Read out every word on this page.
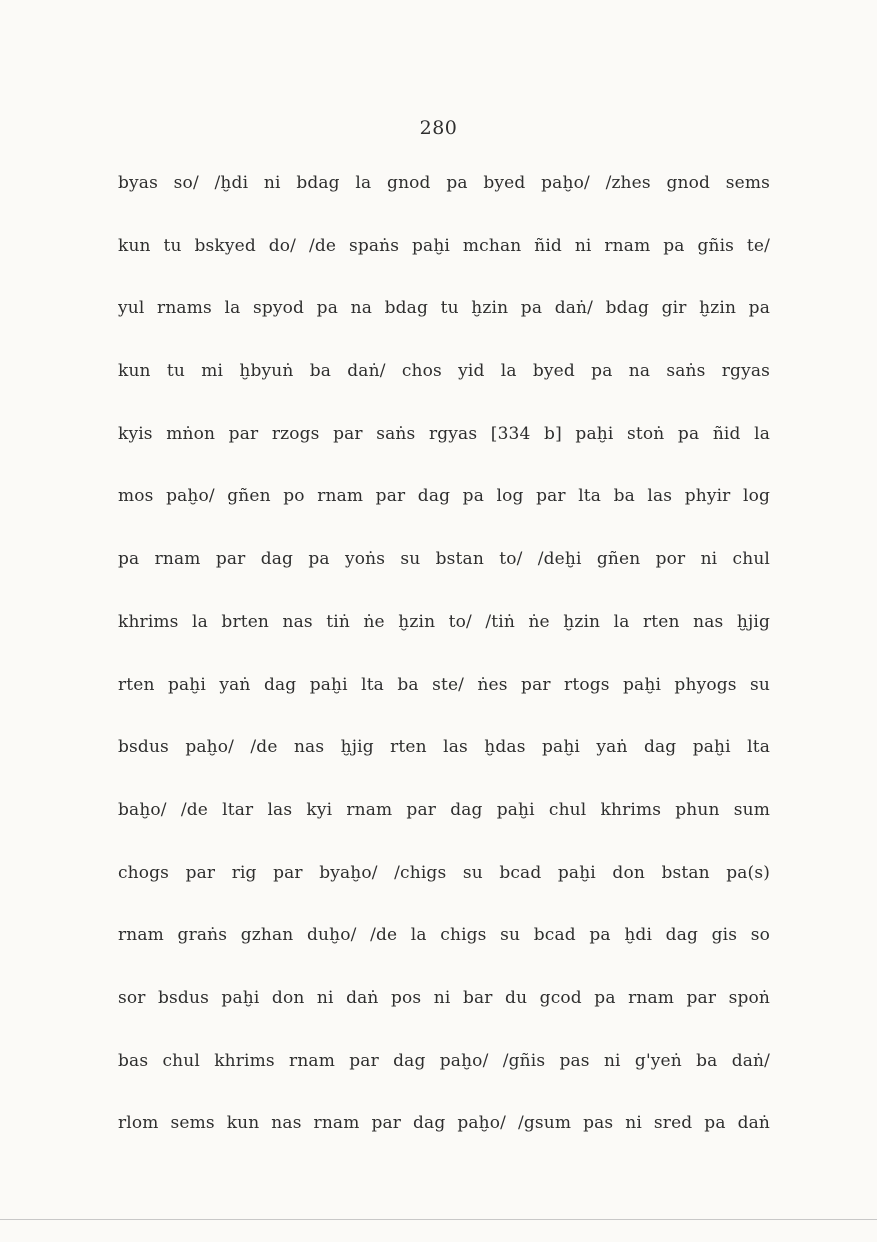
280
byas so/ /ḫdi ni bdag la gnod pa byed paḫo/ /zhes gnod sems
kun tu bskyed do/ /de spaṅs paḫi mchan ñid ni rnam pa gñis te/
yul rnams la spyod pa na bdag tu ḫzin pa daṅ/ bdag gir ḫzin pa
kun tu mi ḫbyuṅ ba daṅ/ chos yid la byed pa na saṅs rgyas
kyis mṅon par rzogs par saṅs rgyas [334 b] paḫi stoṅ pa ñid la
mos paḫo/ gñen po rnam par dag pa log par lta ba las phyir log
pa rnam par dag pa yoṅs su bstan to/ /deḫi gñen por ni chul
khrims la brten nas tiṅ ṅe ḫzin to/ /tiṅ ṅe ḫzin la rten nas ḫjig
rten paḫi yaṅ dag paḫi lta ba ste/ ṅes par rtogs paḫi phyogs su
bsdus paḫo/ /de nas ḫjig rten las ḫdas paḫi yaṅ dag paḫi lta
baḫo/ /de ltar las kyi rnam par dag paḫi chul khrims phun sum
chogs par rig par byaḫo/ /chigs su bcad paḫi don bstan pa(s)
rnam graṅs gzhan duḫo/ /de la chigs su bcad pa ḫdi dag gis so
sor bsdus paḫi don ni daṅ pos ni bar du gcod pa rnam par spoṅ
bas chul khrims rnam par dag paḫo/ /gñis pas ni g'yeṅ ba daṅ/
rlom sems kun nas rnam par dag paḫo/ /gsum pas ni sred pa daṅ
